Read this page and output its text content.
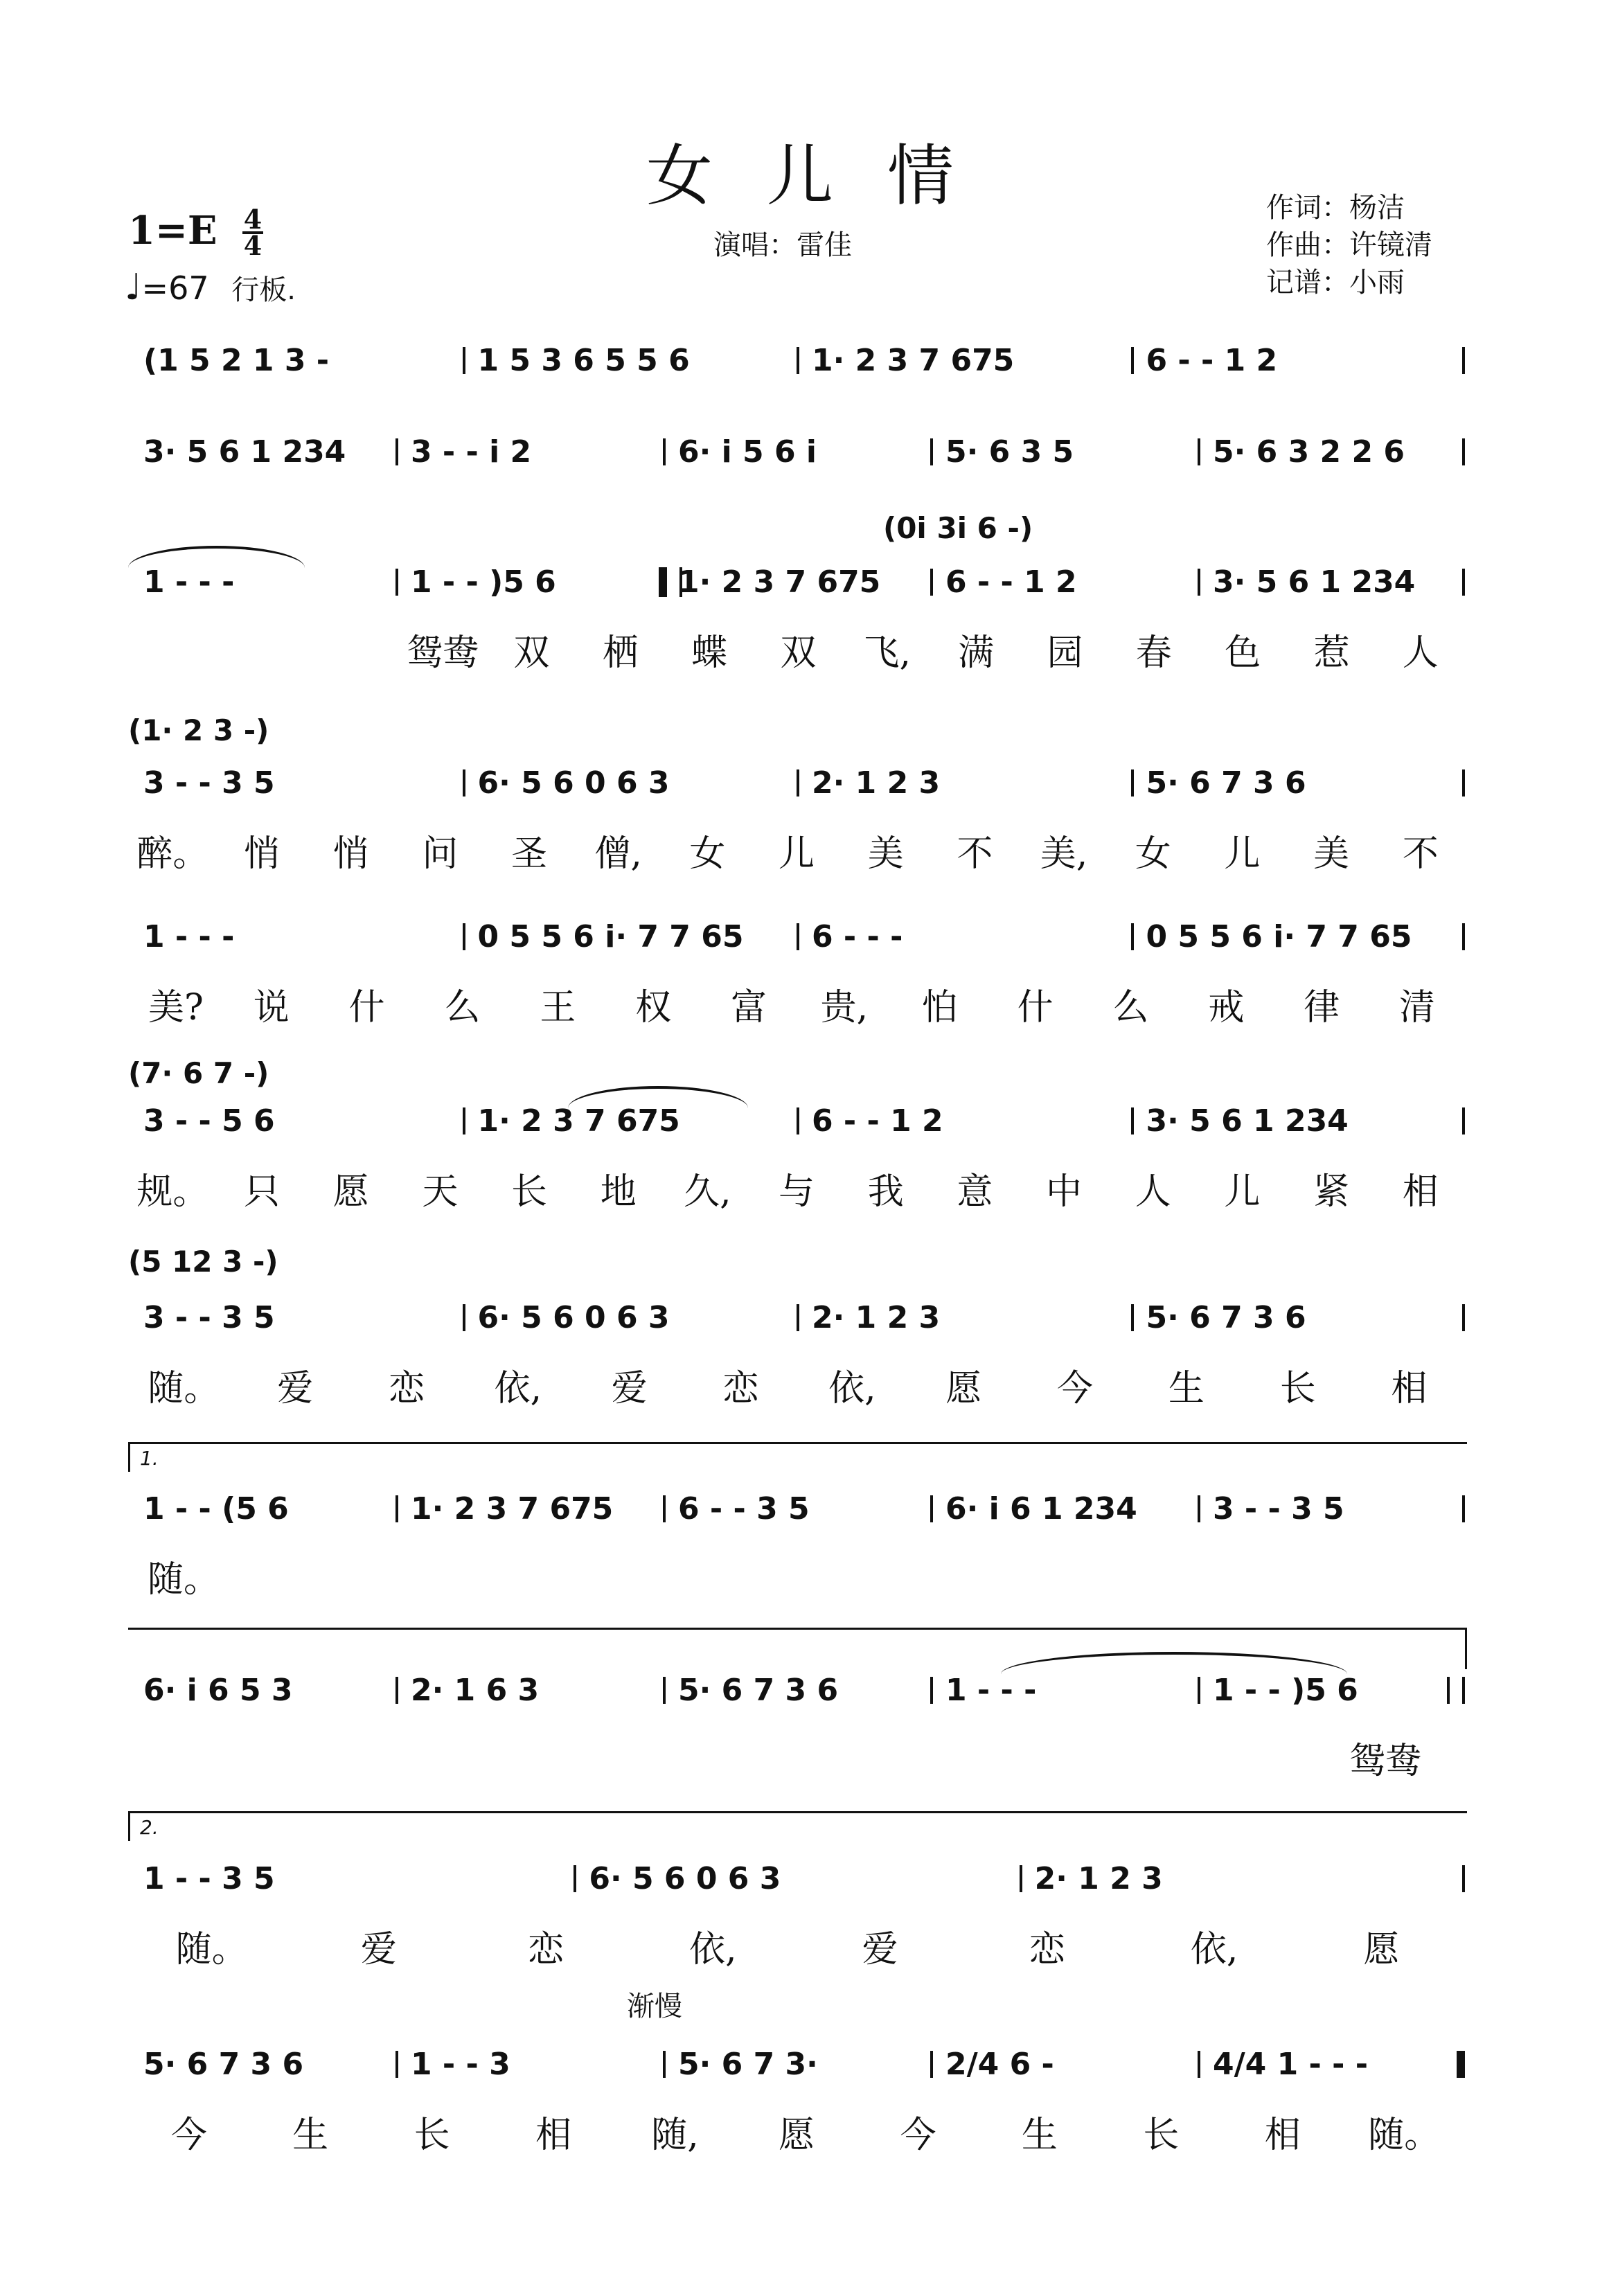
女儿情
演唱：雷佳
作词：杨洁
作曲：许镜清
记谱：小雨
1=E 4
4
♩=67 行板.
(1 5 2 1 3 -	1 5 3 6 5 5 6	1· 2 3 7 675	6 - - 1 2
3· 5 6 1 234	3 - - i 2	6· i 5 6 i	5· 6 3 5	5· 6 3 2 2 6
(0i 3i 6 -)
1 - - -	1 - - )5 6	1· 2 3 7 675	6 - - 1 2	3· 5 6 1 234
鸳鸯 双	栖	蝶	双	飞,	满	园	春	色	惹	人
(1· 2 3 -)
3 - - 3 5	6· 5 6 0 6 3	2· 1 2 3	5· 6 7 3 6
醉。 悄	悄	问	圣	僧,	女	儿	美	不	美,	女	儿	美	不
1 - - -	0 5 5 6 i· 7 7 65	6 - - -	0 5 5 6 i· 7 7 65
美?	说	什	么	王	权	富	贵,	怕	什	么	戒	律	清
(7· 6 7 -)
3 - - 5 6	1· 2 3 7 675	6 - - 1 2	3· 5 6 1 234
规。 只	愿	天	长	地	久,	与	我	意	中	人	儿	紧	相
(5 12 3 -)
3 - - 3 5	6· 5 6 0 6 3	2· 1 2 3	5· 6 7 3 6
随。	爱	恋	依,	爱	恋	依,	愿	今	生	长	相
1.
1 - - (5 6	1· 2 3 7 675	6 - - 3 5	6· i 6 1 234	3 - - 3 5
随。
6· i 6 5 3	2· 1 6 3	5· 6 7 3 6	1 - - -	1 - - )5 6
鸳鸯
2.
1 - - 3 5	6· 5 6 0 6 3	2· 1 2 3
随。	爱	恋	依,	爱	恋	依,	愿
渐慢
5· 6 7 3 6	1 - - 3	5· 6 7 3·	2/4 6 -	4/4 1 - - -
今	生	长	相	随,	愿	今	生	长	相	随。
